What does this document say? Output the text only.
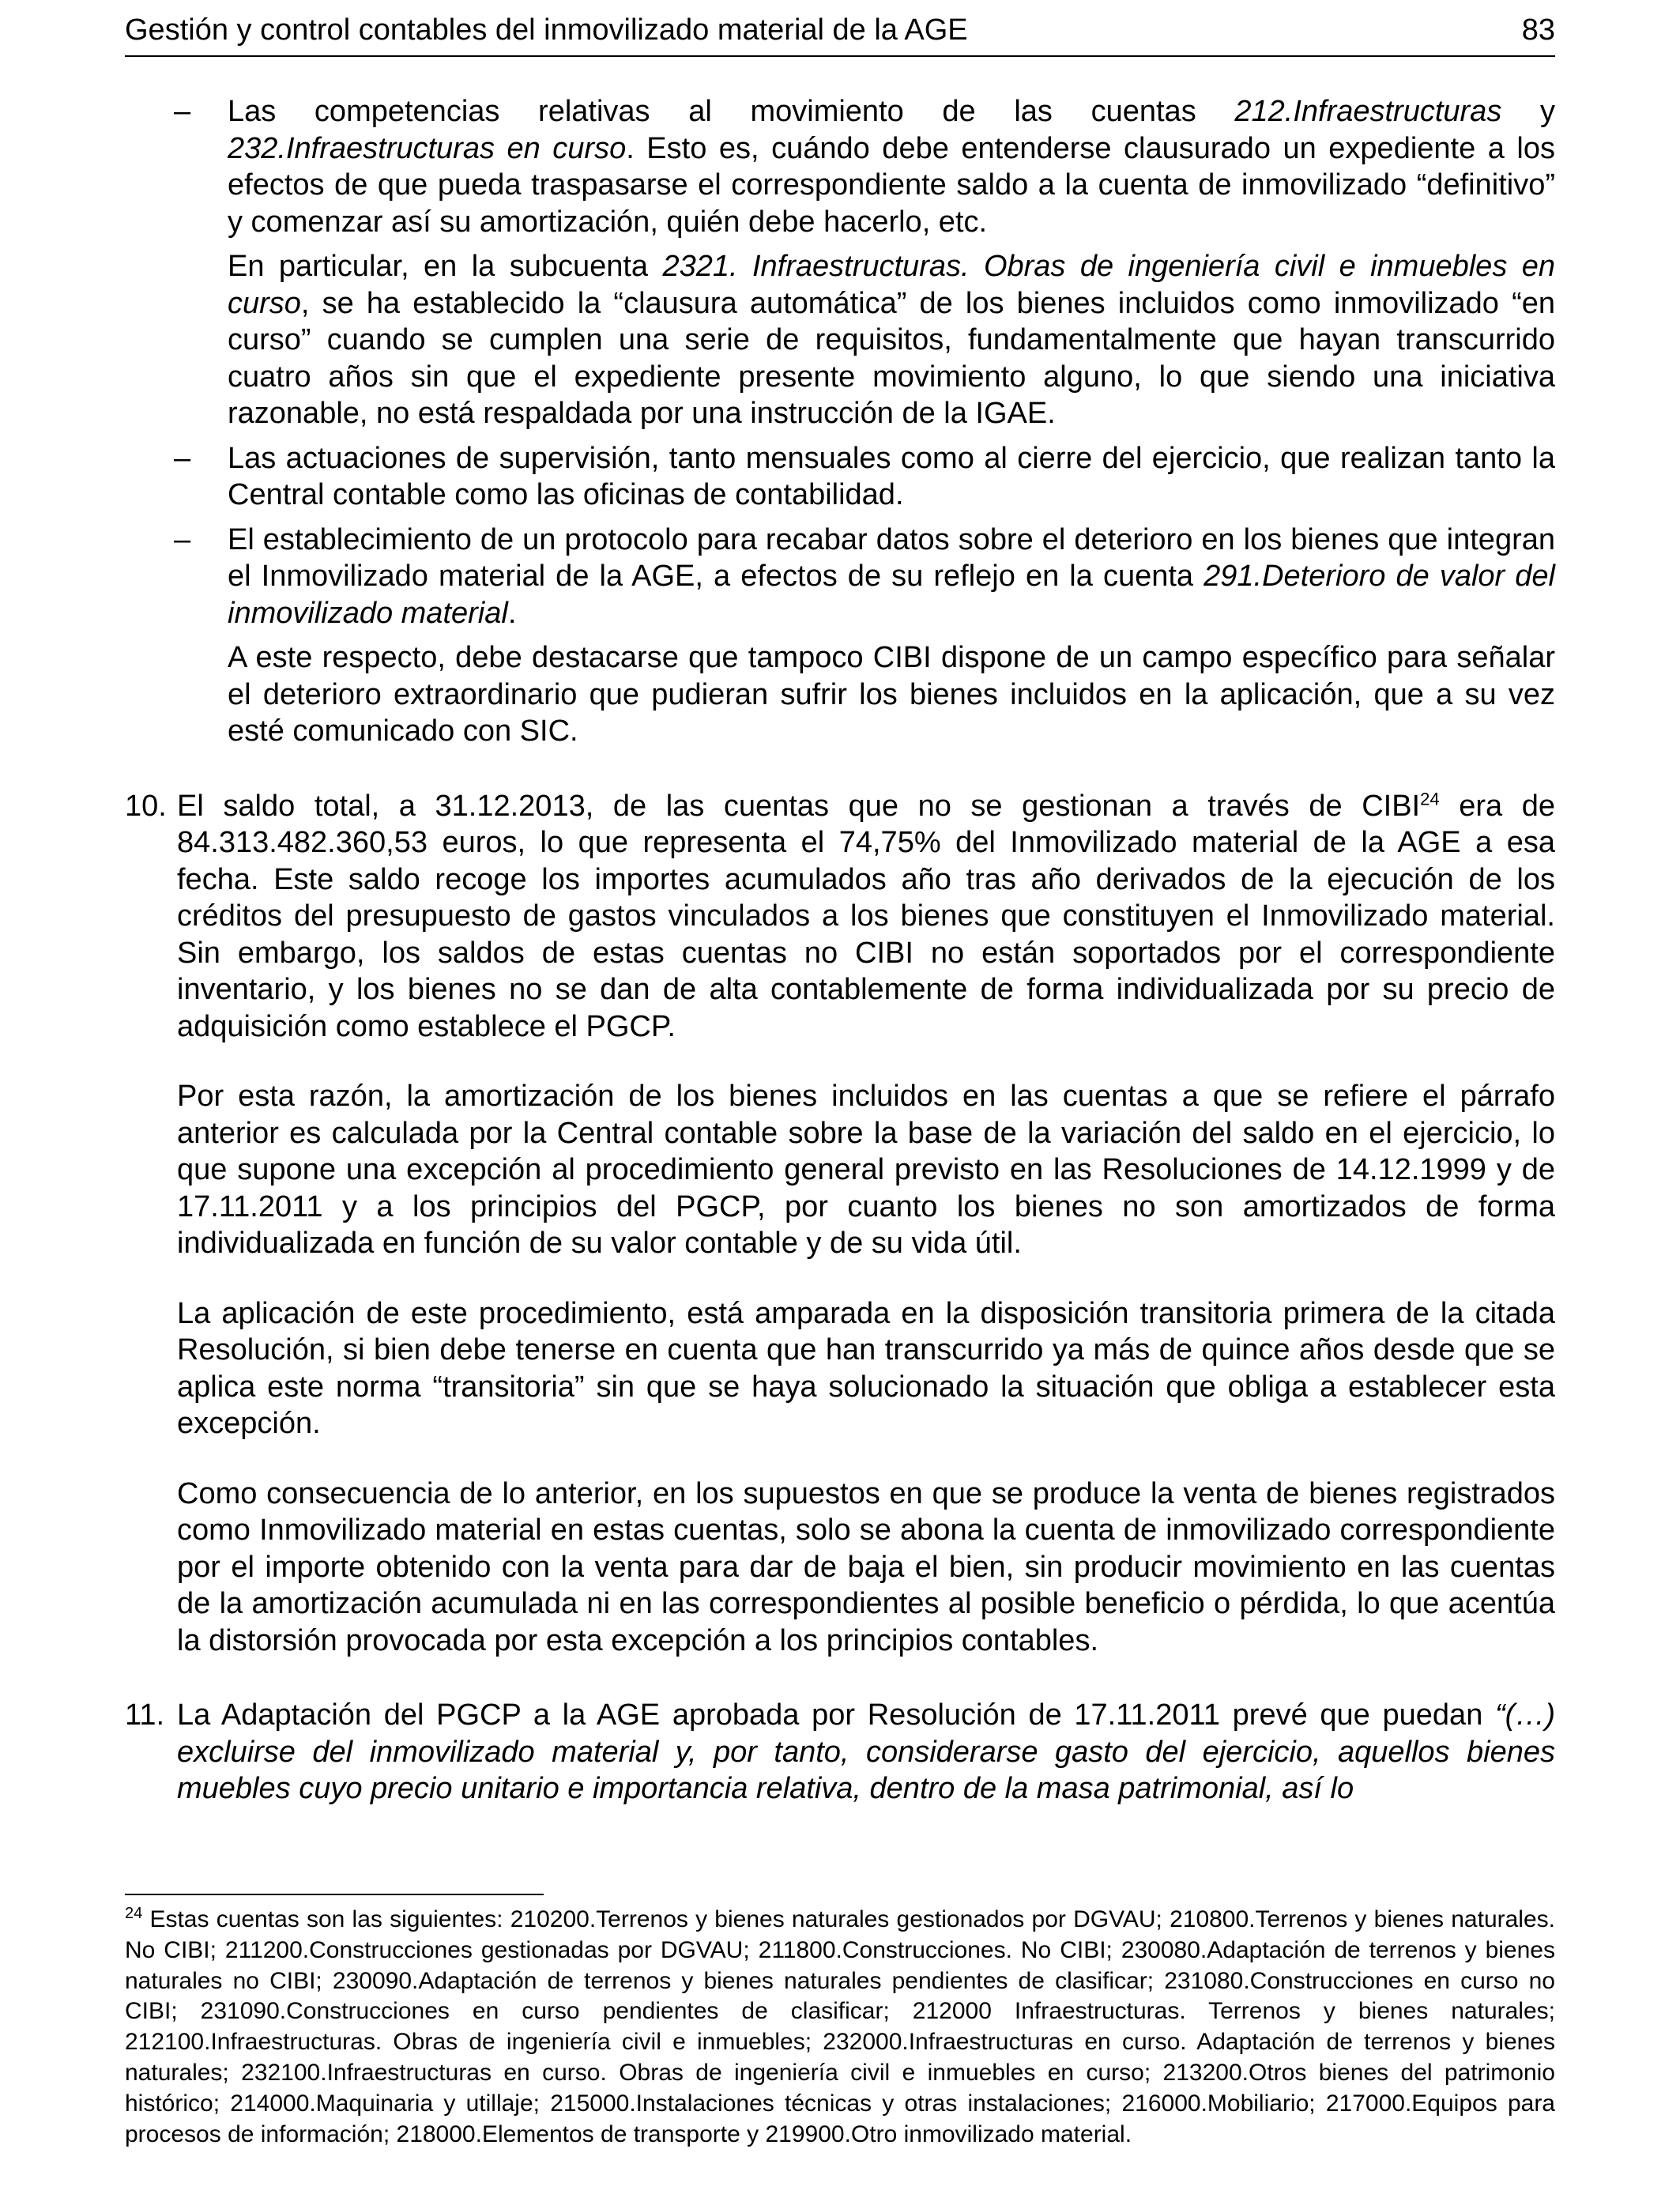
Gestión y control contables del inmovilizado material de la AGE	83

– Las competencias relativas al movimiento de las cuentas 212.Infraestructuras y 232.Infraestructuras en curso. Esto es, cuándo debe entenderse clausurado un expediente a los efectos de que pueda traspasarse el correspondiente saldo a la cuenta de inmovilizado “definitivo” y comenzar así su amortización, quién debe hacerlo, etc.

En particular, en la subcuenta 2321. Infraestructuras. Obras de ingeniería civil e inmuebles en curso, se ha establecido la “clausura automática” de los bienes incluidos como inmovilizado “en curso” cuando se cumplen una serie de requisitos, fundamentalmente que hayan transcurrido cuatro años sin que el expediente presente movimiento alguno, lo que siendo una iniciativa razonable, no está respaldada por una instrucción de la IGAE.

– Las actuaciones de supervisión, tanto mensuales como al cierre del ejercicio, que realizan tanto la Central contable como las oficinas de contabilidad.

– El establecimiento de un protocolo para recabar datos sobre el deterioro en los bienes que integran el Inmovilizado material de la AGE, a efectos de su reflejo en la cuenta 291.Deterioro de valor del inmovilizado material.

A este respecto, debe destacarse que tampoco CIBI dispone de un campo específico para señalar el deterioro extraordinario que pudieran sufrir los bienes incluidos en la aplicación, que a su vez esté comunicado con SIC.

10. El saldo total, a 31.12.2013, de las cuentas que no se gestionan a través de CIBI$^{24}$ era de 84.313.482.360,53 euros, lo que representa el 74,75% del Inmovilizado material de la AGE a esa fecha. Este saldo recoge los importes acumulados año tras año derivados de la ejecución de los créditos del presupuesto de gastos vinculados a los bienes que constituyen el Inmovilizado material. Sin embargo, los saldos de estas cuentas no CIBI no están soportados por el correspondiente inventario, y los bienes no se dan de alta contablemente de forma individualizada por su precio de adquisición como establece el PGCP.

Por esta razón, la amortización de los bienes incluidos en las cuentas a que se refiere el párrafo anterior es calculada por la Central contable sobre la base de la variación del saldo en el ejercicio, lo que supone una excepción al procedimiento general previsto en las Resoluciones de 14.12.1999 y de 17.11.2011 y a los principios del PGCP, por cuanto los bienes no son amortizados de forma individualizada en función de su valor contable y de su vida útil.

La aplicación de este procedimiento, está amparada en la disposición transitoria primera de la citada Resolución, si bien debe tenerse en cuenta que han transcurrido ya más de quince años desde que se aplica este norma “transitoria” sin que se haya solucionado la situación que obliga a establecer esta excepción.

Como consecuencia de lo anterior, en los supuestos en que se produce la venta de bienes registrados como Inmovilizado material en estas cuentas, solo se abona la cuenta de inmovilizado correspondiente por el importe obtenido con la venta para dar de baja el bien, sin producir movimiento en las cuentas de la amortización acumulada ni en las correspondientes al posible beneficio o pérdida, lo que acentúa la distorsión provocada por esta excepción a los principios contables.

11. La Adaptación del PGCP a la AGE aprobada por Resolución de 17.11.2011 prevé que puedan “(…) excluirse del inmovilizado material y, por tanto, considerarse gasto del ejercicio, aquellos bienes muebles cuyo precio unitario e importancia relativa, dentro de la masa patrimonial, así lo

$^{24}$ Estas cuentas son las siguientes: 210200.Terrenos y bienes naturales gestionados por DGVAU; 210800.Terrenos y bienes naturales. No CIBI; 211200.Construcciones gestionadas por DGVAU; 211800.Construcciones. No CIBI; 230080.Adaptación de terrenos y bienes naturales no CIBI; 230090.Adaptación de terrenos y bienes naturales pendientes de clasificar; 231080.Construcciones en curso no CIBI; 231090.Construcciones en curso pendientes de clasificar; 212000 Infraestructuras. Terrenos y bienes naturales; 212100.Infraestructuras. Obras de ingeniería civil e inmuebles; 232000.Infraestructuras en curso. Adaptación de terrenos y bienes naturales; 232100.Infraestructuras en curso. Obras de ingeniería civil e inmuebles en curso; 213200.Otros bienes del patrimonio histórico; 214000.Maquinaria y utillaje; 215000.Instalaciones técnicas y otras instalaciones; 216000.Mobiliario; 217000.Equipos para procesos de información; 218000.Elementos de transporte y 219900.Otro inmovilizado material.
